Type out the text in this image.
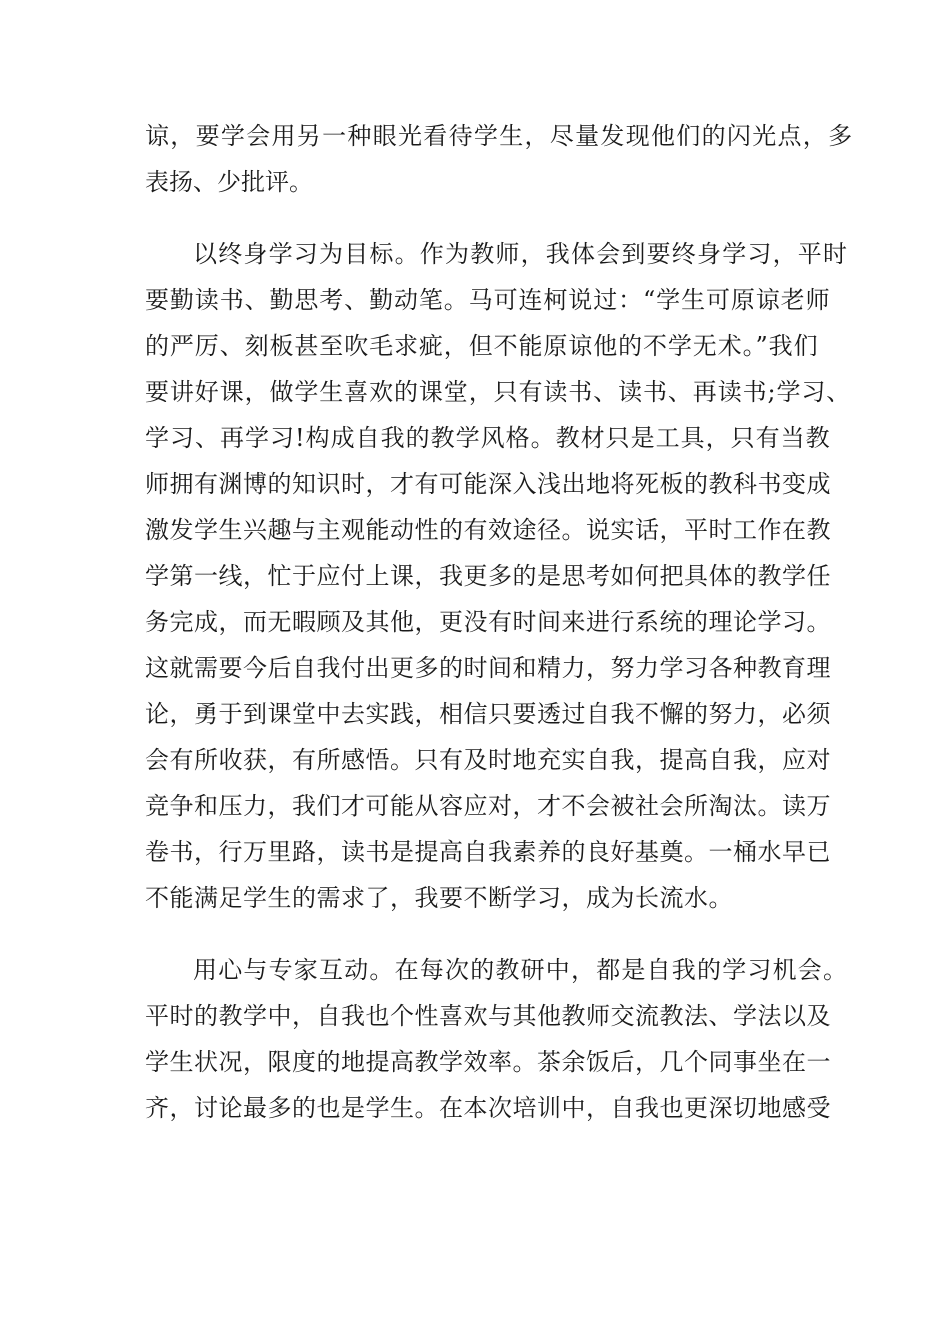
谅，要学会用另一种眼光看待学生，尽量发现他们的闪光点，多
表扬、少批评。
以终身学习为目标。作为教师，我体会到要终身学习，平时
要勤读书、勤思考、勤动笔。马可连柯说过：“学生可原谅老师
的严厉、刻板甚至吹毛求疵，但不能原谅他的不学无术。”我们
要讲好课，做学生喜欢的课堂，只有读书、读书、再读书;学习、
学习、再学习!构成自我的教学风格。教材只是工具，只有当教
师拥有渊博的知识时，才有可能深入浅出地将死板的教科书变成
激发学生兴趣与主观能动性的有效途径。说实话，平时工作在教
学第一线，忙于应付上课，我更多的是思考如何把具体的教学任
务完成，而无暇顾及其他，更没有时间来进行系统的理论学习。
这就需要今后自我付出更多的时间和精力，努力学习各种教育理
论，勇于到课堂中去实践，相信只要透过自我不懈的努力，必须
会有所收获，有所感悟。只有及时地充实自我，提高自我，应对
竞争和压力，我们才可能从容应对，才不会被社会所淘汰。读万
卷书，行万里路，读书是提高自我素养的良好基奠。一桶水早已
不能满足学生的需求了，我要不断学习，成为长流水。
用心与专家互动。在每次的教研中，都是自我的学习机会。
平时的教学中，自我也个性喜欢与其他教师交流教法、学法以及
学生状况，限度的地提高教学效率。茶余饭后，几个同事坐在一
齐，讨论最多的也是学生。在本次培训中，自我也更深切地感受
